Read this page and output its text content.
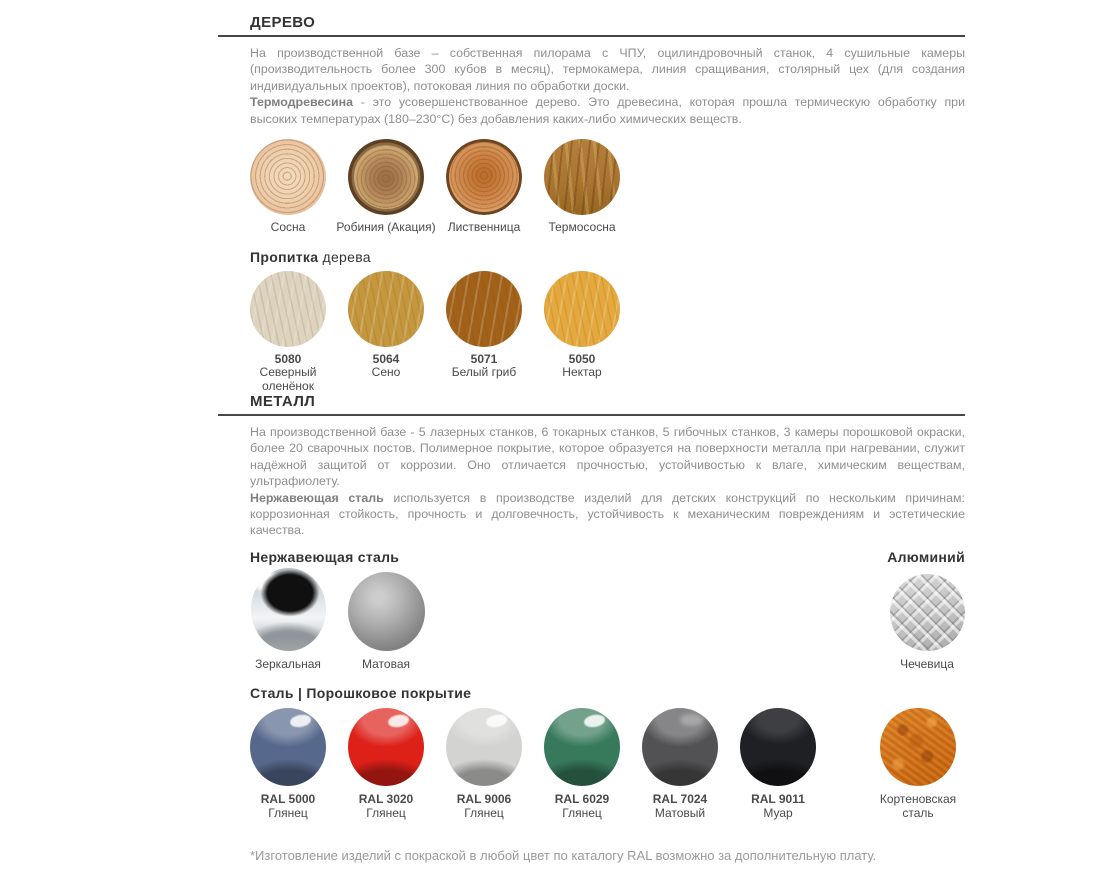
ДЕРЕВО

На производственной базе – собственная пилорама с ЧПУ, оцилиндровочный станок, 4 сушильные камеры (производительность более 300 кубов в месяц), термокамера, линия сращивания, столярный цех (для создания индивидуальных проектов), потоковая линия по обработки доски.

Термодревесина - это усовершенствованное дерево. Это древесина, которая прошла термическую обработку при высоких температурах (180–230°С) без добавления каких-либо химических веществ.

Сосна	Робиния (Акация)	Лиственница	Термососна
Пропитка дерева
5080
Северный оленёнок
5064
Сено
5071
Белый гриб
5050
Нектар
МЕТАЛЛ

На производственной базе - 5 лазерных станков, 6 токарных станков, 5 гибочных станков, 3 камеры порошковой окраски, более 20 сварочных постов. Полимерное покрытие, которое образуется на поверхности металла при нагревании, служит надёжной защитой от коррозии. Оно отличается прочностью, устойчивостью к влаге, химическим веществам, ультрафиолету.

Нержавеющая сталь используется в производстве изделий для детских конструкций по нескольким причинам: коррозионная стойкость, прочность и долговечность, устойчивость к механическим повреждениям и эстетические качества.

Нержавеющая сталь	Алюминий
Зеркальная	Матовая	Чечевица
Сталь | Порошковое покрытие
RAL 5000
Глянец
RAL 3020
Глянец
RAL 9006
Глянец
RAL 6029
Глянец
RAL 7024
Матовый
RAL 9011
Муар
Кортеновская
сталь

*Изготовление изделий с покраской в любой цвет по каталогу RAL возможно за дополнительную плату.
